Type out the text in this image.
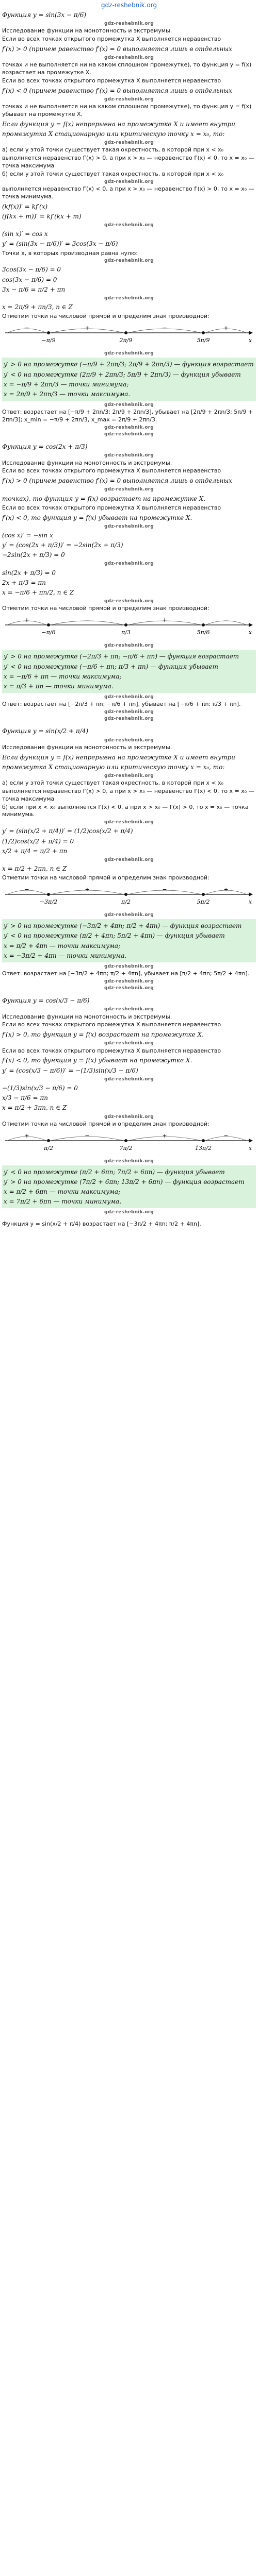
gdz-reshebnik.org
Функция y = sin(3x − π/6)
gdz-reshebnik.org
Исследование функции на монотонность и экстремумы.
Если во всех точках открытого промежутка X выполняется неравенство
f′(x) > 0 (причем равенство f′(x) = 0 выполняется лишь в отдельных
gdz-reshebnik.org
точках и не выполняется ни на каком сплошном промежутке), то функция y = f(x) возрастает на промежутке X.
Если во всех точках открытого промежутка X выполняется неравенство
f′(x) < 0 (причем равенство f′(x) = 0 выполняется лишь в отдельных
gdz-reshebnik.org
точках и не выполняется ни на каком сплошном промежутке), то функция y = f(x) убывает на промежутке X.
Если функция y = f(x) непрерывна на промежутке X и имеет внутри
промежутка X стационарную или критическую точку x = x₀, то:
gdz-reshebnik.org
а) если у этой точки существует такая окрестность, в которой при x < x₀
выполняется неравенство f′(x) > 0, а при x > x₀ — неравенство f′(x) < 0, то x = x₀ — точка максимума
б) если у этой точки существует такая окрестность, в которой при x < x₀
gdz-reshebnik.org
выполняется неравенство f′(x) < 0, а при x > x₀ — неравенство f′(x) > 0, то x = x₀ — точка минимума.
(kf(x))′ = kf′(x)
(f(kx + m))′ = kf′(kx + m)
gdz-reshebnik.org
(sin x)′ = cos x
y′ = (sin(3x − π/6))′ = 3cos(3x − π/6)
Точки x, в которых производная равна нулю:
gdz-reshebnik.org
3cos(3x − π/6) = 0
cos(3x − π/6) = 0
3x − π/6 = π/2 + πn
gdz-reshebnik.org
x = 2π/9 + πn/3, n ∈ Z
Отметим точки на числовой прямой и определим знак производной:
−	+	−	+
−π/9	2π/9	5π/9	x
gdz-reshebnik.org
y′ > 0 на промежутке (−π/9 + 2πn/3; 2π/9 + 2πn/3) — функция возрастает
y′ < 0 на промежутке (2π/9 + 2πn/3; 5π/9 + 2πn/3) — функция убывает
x = −π/9 + 2πn/3 — точки минимума;
x = 2π/9 + 2πn/3 — точки максимума.
gdz-reshebnik.org
Ответ: возрастает на [−π/9 + 2πn/3; 2π/9 + 2πn/3], убывает на [2π/9 + 2πn/3; 5π/9 + 2πn/3]; x_min = −π/9 + 2πn/3, x_max = 2π/9 + 2πn/3.
gdz-reshebnik.org
gdz-reshebnik.org
Функция y = cos(2x + π/3)
gdz-reshebnik.org
Исследование функции на монотонность и экстремумы.
Если во всех точках открытого промежутка X выполняется неравенство
f′(x) > 0 (причем равенство f′(x) = 0 выполняется лишь в отдельных
gdz-reshebnik.org
точках), то функция y = f(x) возрастает на промежутке X.
Если во всех точках открытого промежутка X выполняется неравенство
f′(x) < 0, то функция y = f(x) убывает на промежутке X.
gdz-reshebnik.org
(cos x)′ = −sin x
y′ = (cos(2x + π/3))′ = −2sin(2x + π/3)
−2sin(2x + π/3) = 0
gdz-reshebnik.org
sin(2x + π/3) = 0
2x + π/3 = πn
x = −π/6 + πn/2, n ∈ Z
gdz-reshebnik.org
Отметим точки на числовой прямой и определим знак производной:
+	−	+	−
−π/6	π/3	5π/6	x
gdz-reshebnik.org
y′ > 0 на промежутке (−2π/3 + πn; −π/6 + πn) — функция возрастает
y′ < 0 на промежутке (−π/6 + πn; π/3 + πn) — функция убывает
x = −π/6 + πn — точки максимума;
x = π/3 + πn — точки минимума.
gdz-reshebnik.org
Ответ: возрастает на [−2π/3 + πn; −π/6 + πn], убывает на [−π/6 + πn; π/3 + πn].
gdz-reshebnik.org
gdz-reshebnik.org
Функция y = sin(x/2 + π/4)
gdz-reshebnik.org
Исследование функции на монотонность и экстремумы.
Если функция y = f(x) непрерывна на промежутке X и имеет внутри
промежутка X стационарную или критическую точку x = x₀, то:
gdz-reshebnik.org
а) если у этой точки существует такая окрестность, в которой при x < x₀
выполняется неравенство f′(x) > 0, а при x > x₀ — неравенство f′(x) < 0, то x = x₀ — точка максимума
б) если при x < x₀ выполняется f′(x) < 0, а при x > x₀ — f′(x) > 0, то x = x₀ — точка минимума.
gdz-reshebnik.org
y′ = (sin(x/2 + π/4))′ = (1/2)cos(x/2 + π/4)
(1/2)cos(x/2 + π/4) = 0
x/2 + π/4 = π/2 + πn
gdz-reshebnik.org
x = π/2 + 2πn, n ∈ Z
Отметим точки на числовой прямой и определим знак производной:
−	+	−	+
−3π/2	π/2	5π/2	x
gdz-reshebnik.org
y′ > 0 на промежутке (−3π/2 + 4πn; π/2 + 4πn) — функция возрастает
y′ < 0 на промежутке (π/2 + 4πn; 5π/2 + 4πn) — функция убывает
x = π/2 + 4πn — точки максимума;
x = −3π/2 + 4πn — точки минимума.
gdz-reshebnik.org
Ответ: возрастает на [−3π/2 + 4πn; π/2 + 4πn], убывает на [π/2 + 4πn; 5π/2 + 4πn].
gdz-reshebnik.org
gdz-reshebnik.org
Функция y = cos(x/3 − π/6)
gdz-reshebnik.org
Исследование функции на монотонность и экстремумы.
Если во всех точках открытого промежутка X выполняется неравенство
f′(x) > 0, то функция y = f(x) возрастает на промежутке X.
gdz-reshebnik.org
Если во всех точках открытого промежутка X выполняется неравенство
f′(x) < 0, то функция y = f(x) убывает на промежутке X.
y′ = (cos(x/3 − π/6))′ = −(1/3)sin(x/3 − π/6)
gdz-reshebnik.org
−(1/3)sin(x/3 − π/6) = 0
x/3 − π/6 = πn
x = π/2 + 3πn, n ∈ Z
gdz-reshebnik.org
Отметим точки на числовой прямой и определим знак производной:
+	−	+	−
π/2	7π/2	13π/2	x
gdz-reshebnik.org
y′ < 0 на промежутке (π/2 + 6πn; 7π/2 + 6πn) — функция убывает
y′ > 0 на промежутке (7π/2 + 6πn; 13π/2 + 6πn) — функция возрастает
x = π/2 + 6πn — точки максимума;
x = 7π/2 + 6πn — точки минимума.
gdz-reshebnik.org
Функция y = sin(x/2 + π/4) возрастает на [−3π/2 + 4πn; π/2 + 4πn].
